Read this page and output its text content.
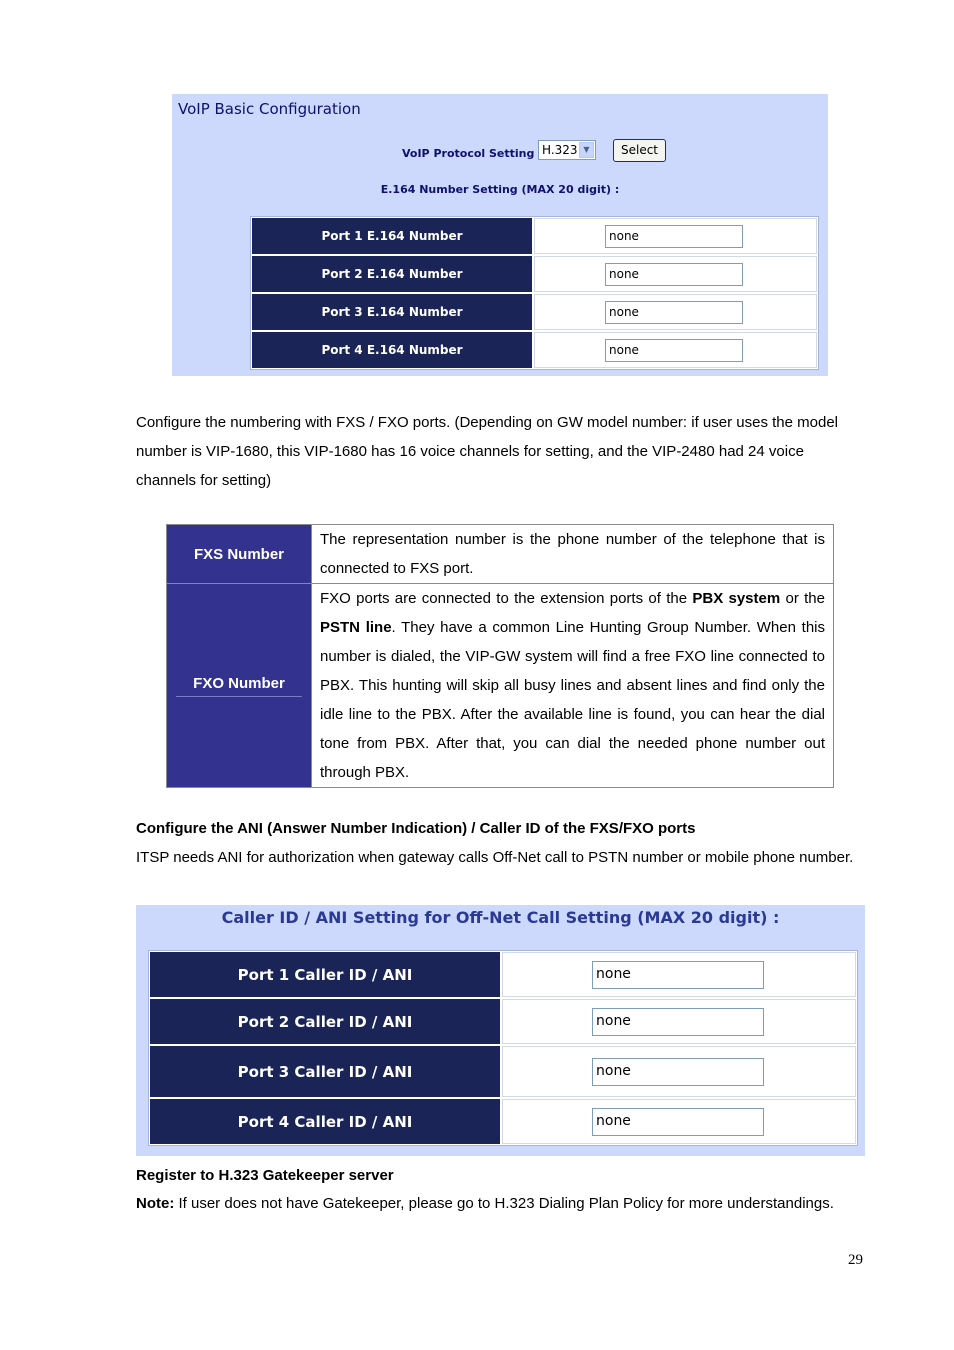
VoIP Basic Configuration
VoIP Protocol Setting H.323 ▼	Select
E.164 Number Setting (MAX 20 digit) :
Port 1 E.164 Number	none
Port 2 E.164 Number	none
Port 3 E.164 Number	none
Port 4 E.164 Number	none
Configure the numbering with FXS / FXO ports. (Depending on GW model number: if user uses the model number is VIP-1680, this VIP-1680 has 16 voice channels for setting, and the VIP-2480 had 24 voice channels for setting)
FXS Number	The representation number is the phone number of the telephone that is connected to FXS port.
FXO Number	FXO ports are connected to the extension ports of the PBX system or the PSTN line. They have a common Line Hunting Group Number. When this number is dialed, the VIP-GW system will find a free FXO line connected to PBX. This hunting will skip all busy lines and absent lines and find only the idle line to the PBX. After the available line is found, you can hear the dial tone from PBX. After that, you can dial the needed phone number out through PBX.
Configure the ANI (Answer Number Indication) / Caller ID of the FXS/FXO ports
ITSP needs ANI for authorization when gateway calls Off-Net call to PSTN number or mobile phone number.
Caller ID / ANI Setting for Off-Net Call Setting (MAX 20 digit) :
Port 1 Caller ID / ANI	none
Port 2 Caller ID / ANI	none
Port 3 Caller ID / ANI	none
Port 4 Caller ID / ANI	none
Register to H.323 Gatekeeper server
Note: If user does not have Gatekeeper, please go to H.323 Dialing Plan Policy for more understandings.
29
